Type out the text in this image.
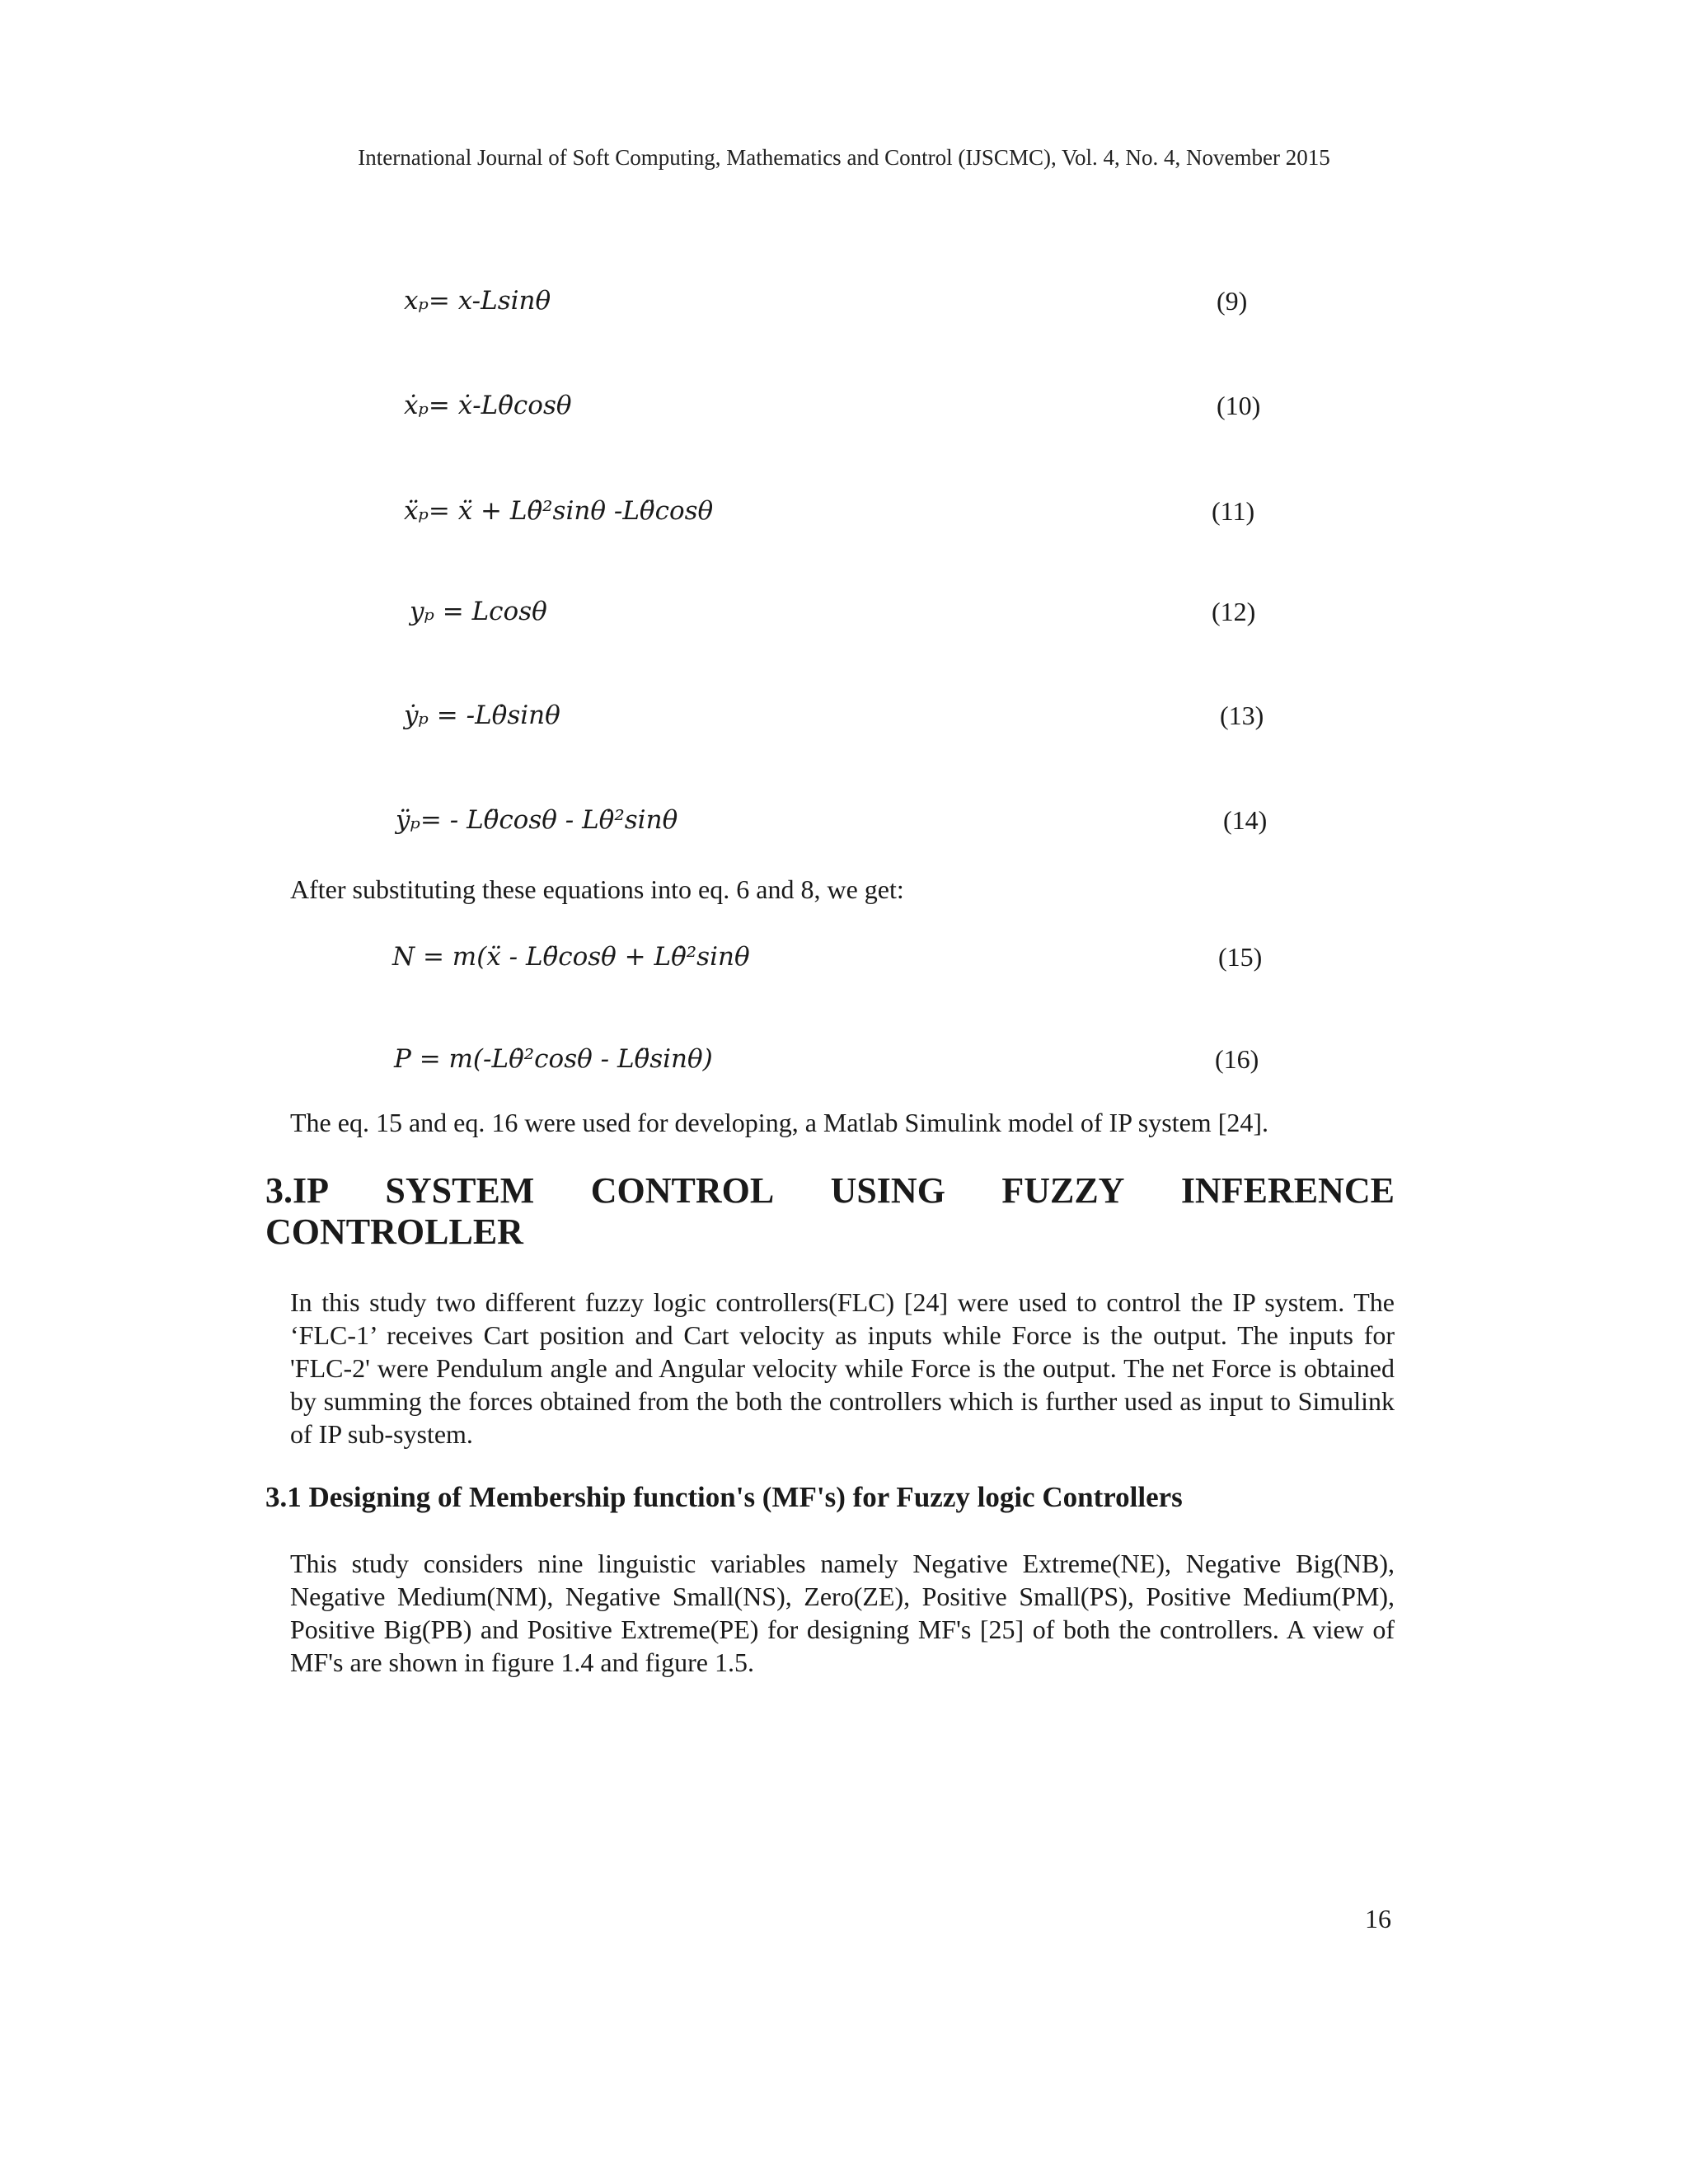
International Journal of Soft Computing, Mathematics and Control (IJSCMC), Vol. 4, No. 4, November 2015
xₚ= x-Lsinθ	(9)
ẋₚ= ẋ-Lθ̇cosθ	(10)
ẍₚ= ẍ + Lθ̇²sinθ -Lθ̈cosθ	(11)
yₚ = Lcosθ	(12)
ẏₚ = -Lθ̇sinθ	(13)
ÿₚ= - Lθ̈cosθ - Lθ̇²sinθ	(14)
After substituting these equations into eq. 6 and 8, we get:
N = m(ẍ - Lθ̈cosθ + Lθ̇²sinθ	(15)
P = m(-Lθ̇²cosθ - Lθ̈sinθ)	(16)
The eq. 15 and eq. 16 were used for developing, a Matlab Simulink model of IP system [24].
3.IP SYSTEM CONTROL USING FUZZY INFERENCE
CONTROLLER
In this study two different fuzzy logic controllers(FLC) [24] were used to control the IP system. The ‘FLC-1’ receives Cart position and Cart velocity as inputs while Force is the output. The inputs for 'FLC-2' were Pendulum angle and Angular velocity while Force is the output. The net Force is obtained by summing the forces obtained from the both the controllers which is further used as input to Simulink of IP sub-system.
3.1 Designing of Membership function's (MF's) for Fuzzy logic Controllers
This study considers nine linguistic variables namely Negative Extreme(NE), Negative Big(NB), Negative Medium(NM), Negative Small(NS), Zero(ZE), Positive Small(PS), Positive Medium(PM), Positive Big(PB) and Positive Extreme(PE) for designing MF's [25] of both the controllers. A view of MF's are shown in figure 1.4 and figure 1.5.
16
